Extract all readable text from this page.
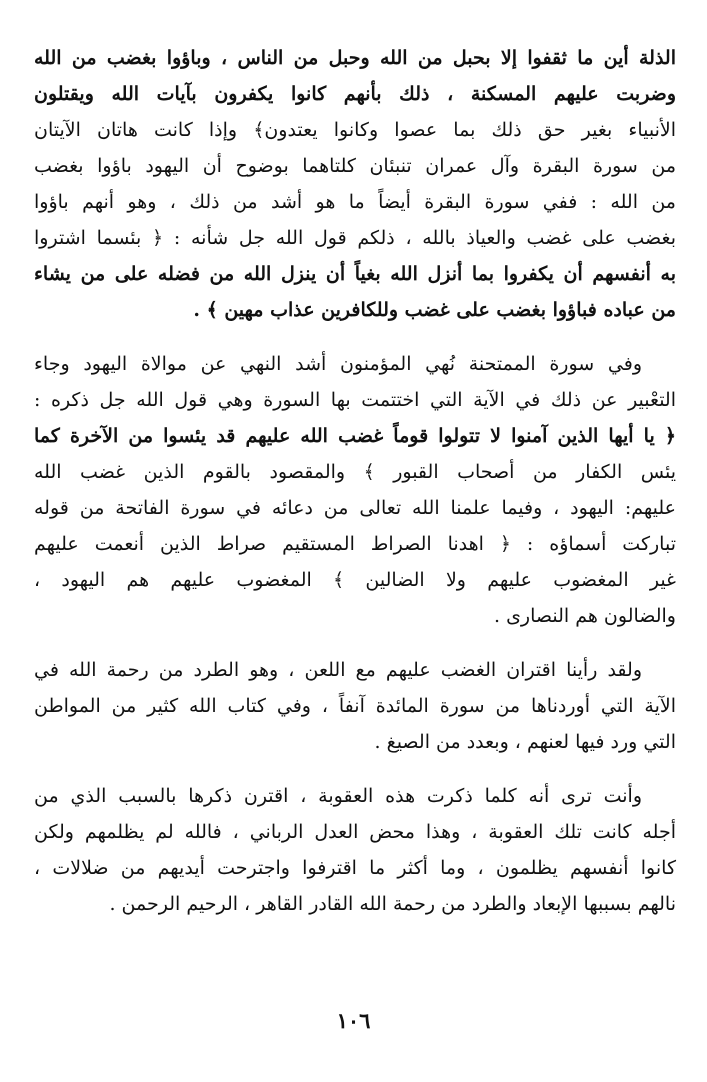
الذلة أين ما ثقفوا إلا بحبل من الله وحبل من الناس ، وباؤوا بغضب من الله
وضربت عليهم المسكنة ، ذلك بأنهم كانوا يكفرون بآيات الله ويقتلون
الأنبياء بغير حق ذلك بما عصوا وكانوا يعتدون﴾ وإذا كانت هاتان الآيتان
من سورة البقرة وآل عمران تنبئان كلتاهما بوضوح أن اليهود باؤوا بغضب
من الله : ففي سورة البقرة أيضاً ما هو أشد من ذلك ، وهو أنهم باؤوا
بغضب على غضب والعياذ بالله ، ذلكم قول الله جل شأنه : ﴿ بئسما اشتروا
به أنفسهم أن يكفروا بما أنزل الله بغياً أن ينزل الله من فضله على من يشاء
من عباده فباؤوا بغضب على غضب وللكافرين عذاب مهين ﴾ .
وفي سورة الممتحنة نُهي المؤمنون أشد النهي عن موالاة اليهود وجاء
التعْبير عن ذلك في الآية التي اختتمت بها السورة وهي قول الله جل ذكره :
﴿ يا أيها الذين آمنوا لا تتولوا قوماً غضب الله عليهم قد يئسوا من الآخرة كما
يئس الكفار من أصحاب القبور ﴾ والمقصود بالقوم الذين غضب الله
عليهم: اليهود ، وفيما علمنا الله تعالى من دعائه في سورة الفاتحة من قوله
تباركت أسماؤه : ﴿ اهدنا الصراط المستقيم صراط الذين أنعمت عليهم
غير المغضوب عليهم ولا الضالين ﴾ المغضوب عليهم هم اليهود ،
والضالون هم النصارى .
ولقد رأينا اقتران الغضب عليهم مع اللعن ، وهو الطرد من رحمة الله في
الآية التي أوردناها من سورة المائدة آنفاً ، وفي كتاب الله كثير من المواطن
التي ورد فيها لعنهم ، وبعدد من الصيغ .
وأنت ترى أنه كلما ذكرت هذه العقوبة ، اقترن ذكرها بالسبب الذي من
أجله كانت تلك العقوبة ، وهذا محض العدل الرباني ، فالله لم يظلمهم ولكن
كانوا أنفسهم يظلمون ، وما أكثر ما اقترفوا واجترحت أيديهم من ضلالات ،
نالهم بسببها الإبعاد والطرد من رحمة الله القادر القاهر ، الرحيم الرحمن .
١٠٦
